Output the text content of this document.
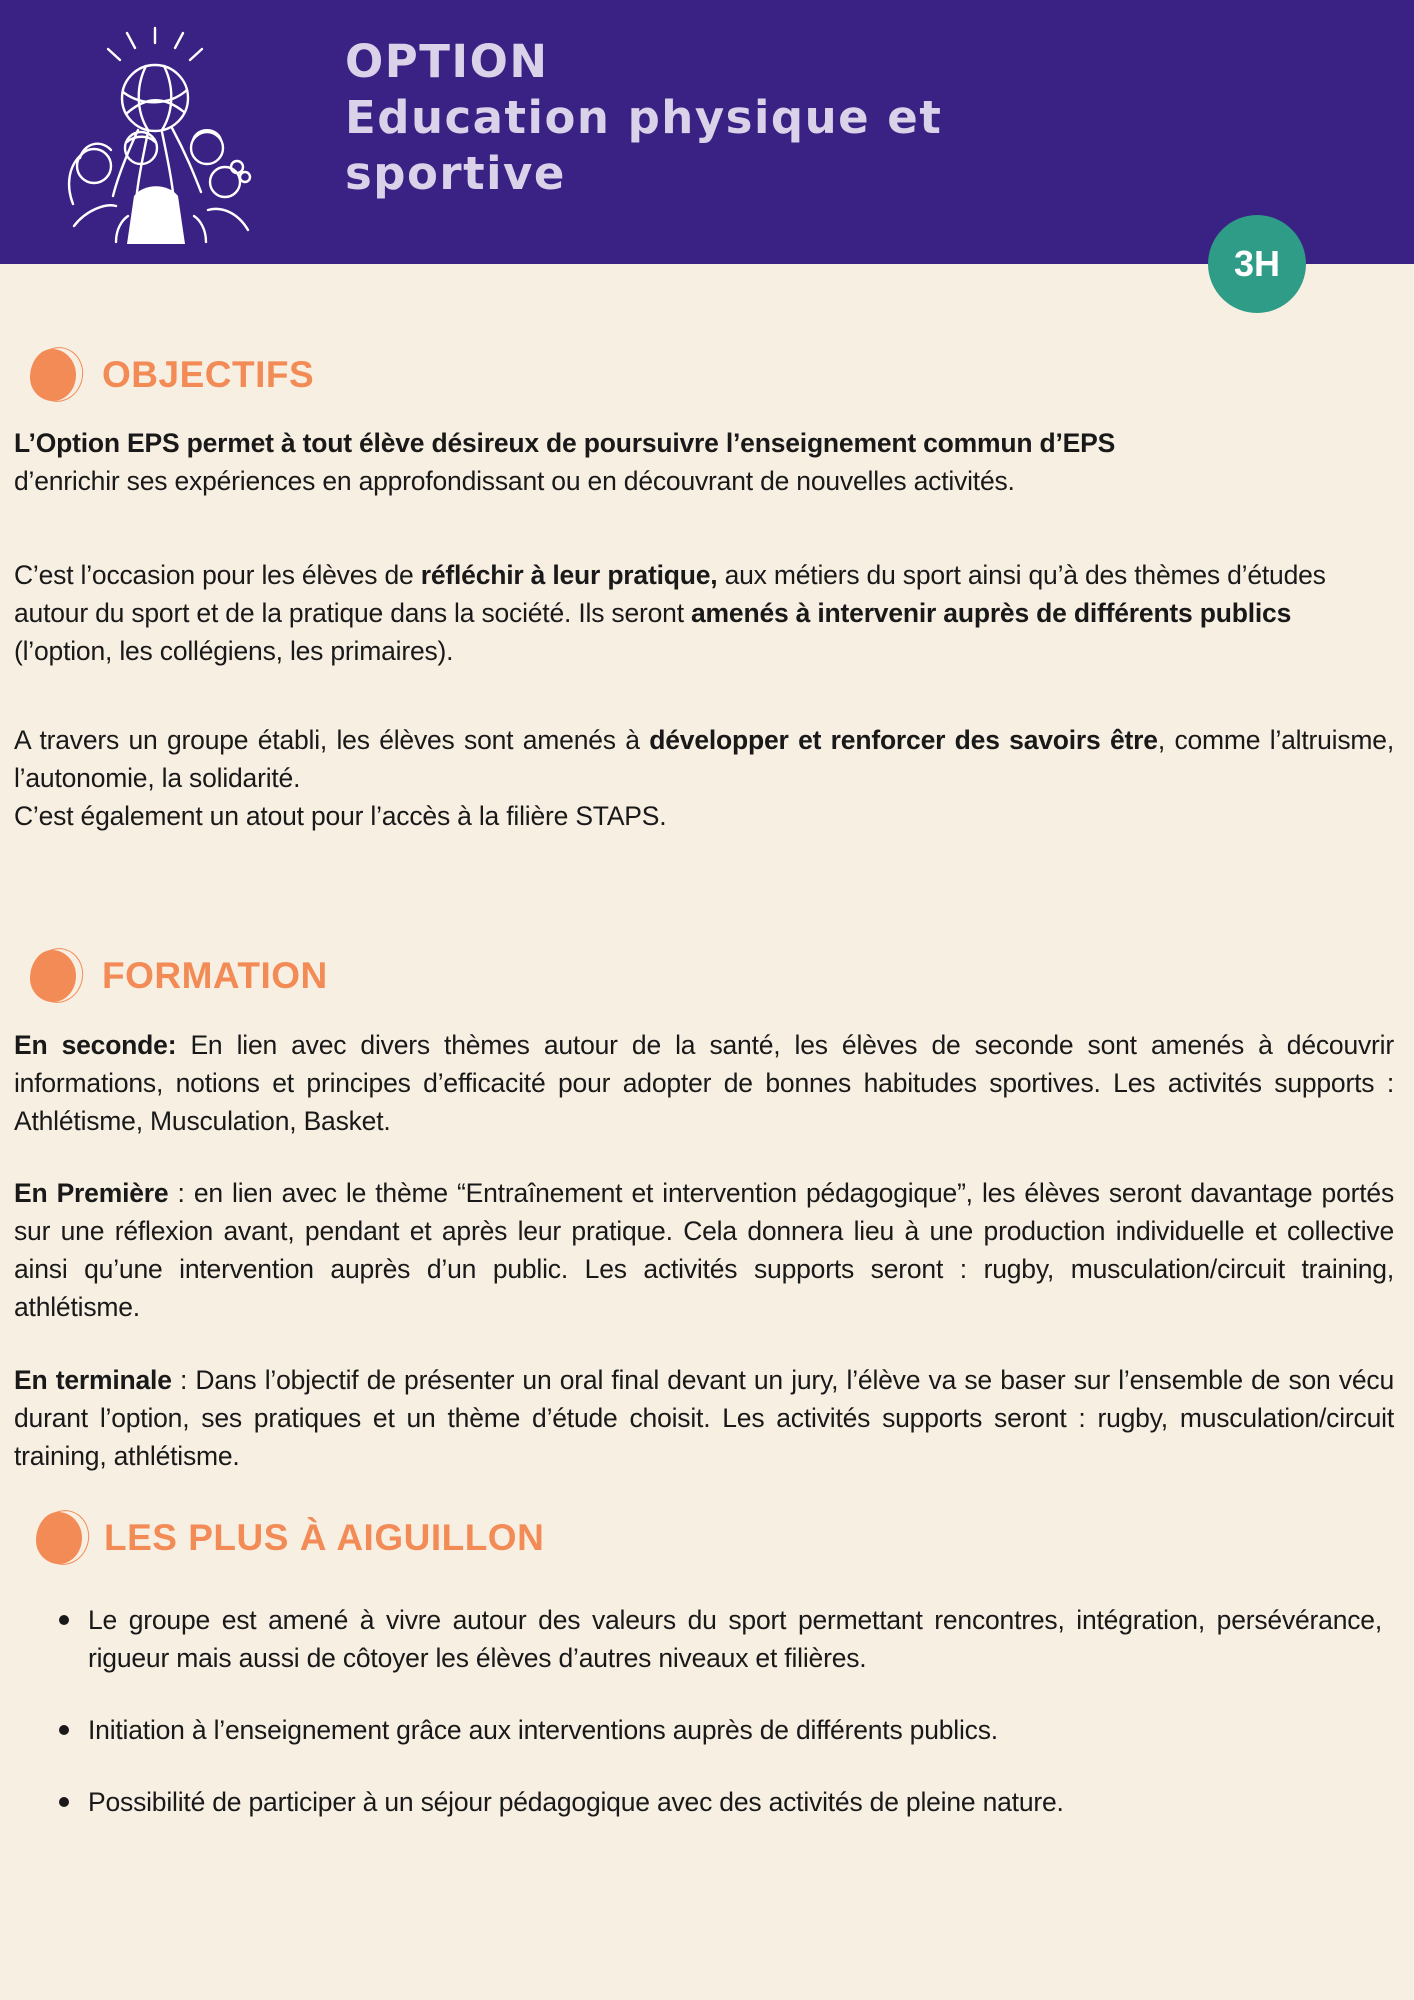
OPTION
Education physique et
sportive
3H
OBJECTIFS
L’Option EPS permet à tout élève désireux de poursuivre l’enseignement commun d’EPS
d’enrichir ses expériences en approfondissant ou en découvrant de nouvelles activités.
C’est l’occasion pour les élèves de réfléchir à leur pratique, aux métiers du sport ainsi qu’à des thèmes d’études autour du sport et de la pratique dans la société. Ils seront amenés à intervenir auprès de différents publics (l’option, les collégiens, les primaires).
A travers un groupe établi, les élèves sont amenés à développer et renforcer des savoirs être, comme l’altruisme, l’autonomie, la solidarité.
C’est également un atout pour l’accès à la filière STAPS.
FORMATION
En seconde: En lien avec divers thèmes autour de la santé, les élèves de seconde sont amenés à découvrir informations, notions et principes d’efficacité pour adopter de bonnes habitudes sportives. Les activités supports : Athlétisme, Musculation, Basket.
En Première : en lien avec le thème “Entraînement et intervention pédagogique”, les élèves seront davantage portés sur une réflexion avant, pendant et après leur pratique. Cela donnera lieu à une production individuelle et collective ainsi qu’une intervention auprès d’un public. Les activités supports seront : rugby, musculation/circuit training, athlétisme.
En terminale : Dans l’objectif de présenter un oral final devant un jury, l’élève va se baser sur l’ensemble de son vécu durant l’option, ses pratiques et un thème d’étude choisit. Les activités supports seront : rugby, musculation/circuit training, athlétisme.
LES PLUS À AIGUILLON
Le groupe est amené à vivre autour des valeurs du sport permettant rencontres, intégration, persévérance, rigueur mais aussi de côtoyer les élèves d’autres niveaux et filières.
Initiation à l’enseignement grâce aux interventions auprès de différents publics.
Possibilité de participer à un séjour pédagogique avec des activités de pleine nature.
